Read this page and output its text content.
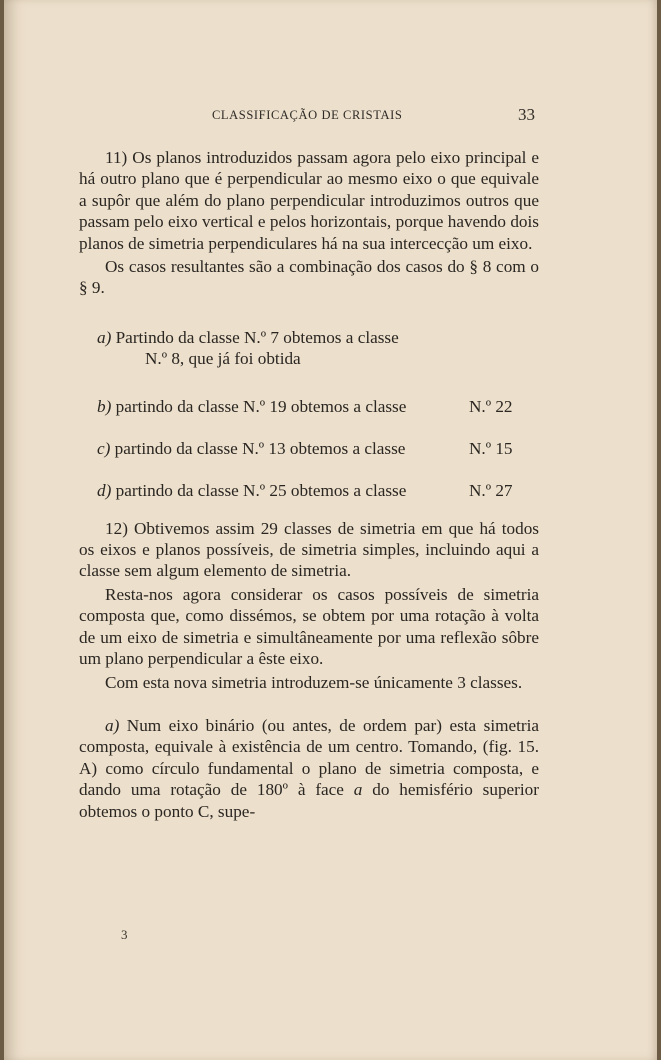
CLASSIFICAÇÃO DE CRISTAIS	33

11) Os planos introduzidos passam agora pelo eixo principal e há outro plano que é perpendicular ao mesmo eixo o que equivale a supôr que além do plano perpendicular introduzimos outros que passam pelo eixo vertical e pelos horizontais, porque havendo dois planos de simetria perpendiculares há na sua intercecção um eixo.

Os casos resultantes são a combinação dos casos do § 8 com o § 9.

a) Partindo da classe N.º 7 obtemos a classe
N.º 8, que já foi obtida
b) partindo da classe N.º 19 obtemos a classe	N.º 22
c) partindo da classe N.º 13 obtemos a classe	N.º 15
d) partindo da classe N.º 25 obtemos a classe	N.º 27

12) Obtivemos assim 29 classes de simetria em que há todos os eixos e planos possíveis, de simetria simples, incluindo aqui a classe sem algum elemento de simetria.

Resta-nos agora considerar os casos possíveis de simetria composta que, como dissémos, se obtem por uma rotação à volta de um eixo de simetria e simultâneamente por uma reflexão sôbre um plano perpendicular a êste eixo.

Com esta nova simetria introduzem-se únicamente 3 classes.

a) Num eixo binário (ou antes, de ordem par) esta simetria composta, equivale à existência de um centro. Tomando, (fig. 15. A) como círculo fundamental o plano de simetria composta, e dando uma rotação de 180º à face a do hemisfério superior obtemos o ponto C, supe-

3
